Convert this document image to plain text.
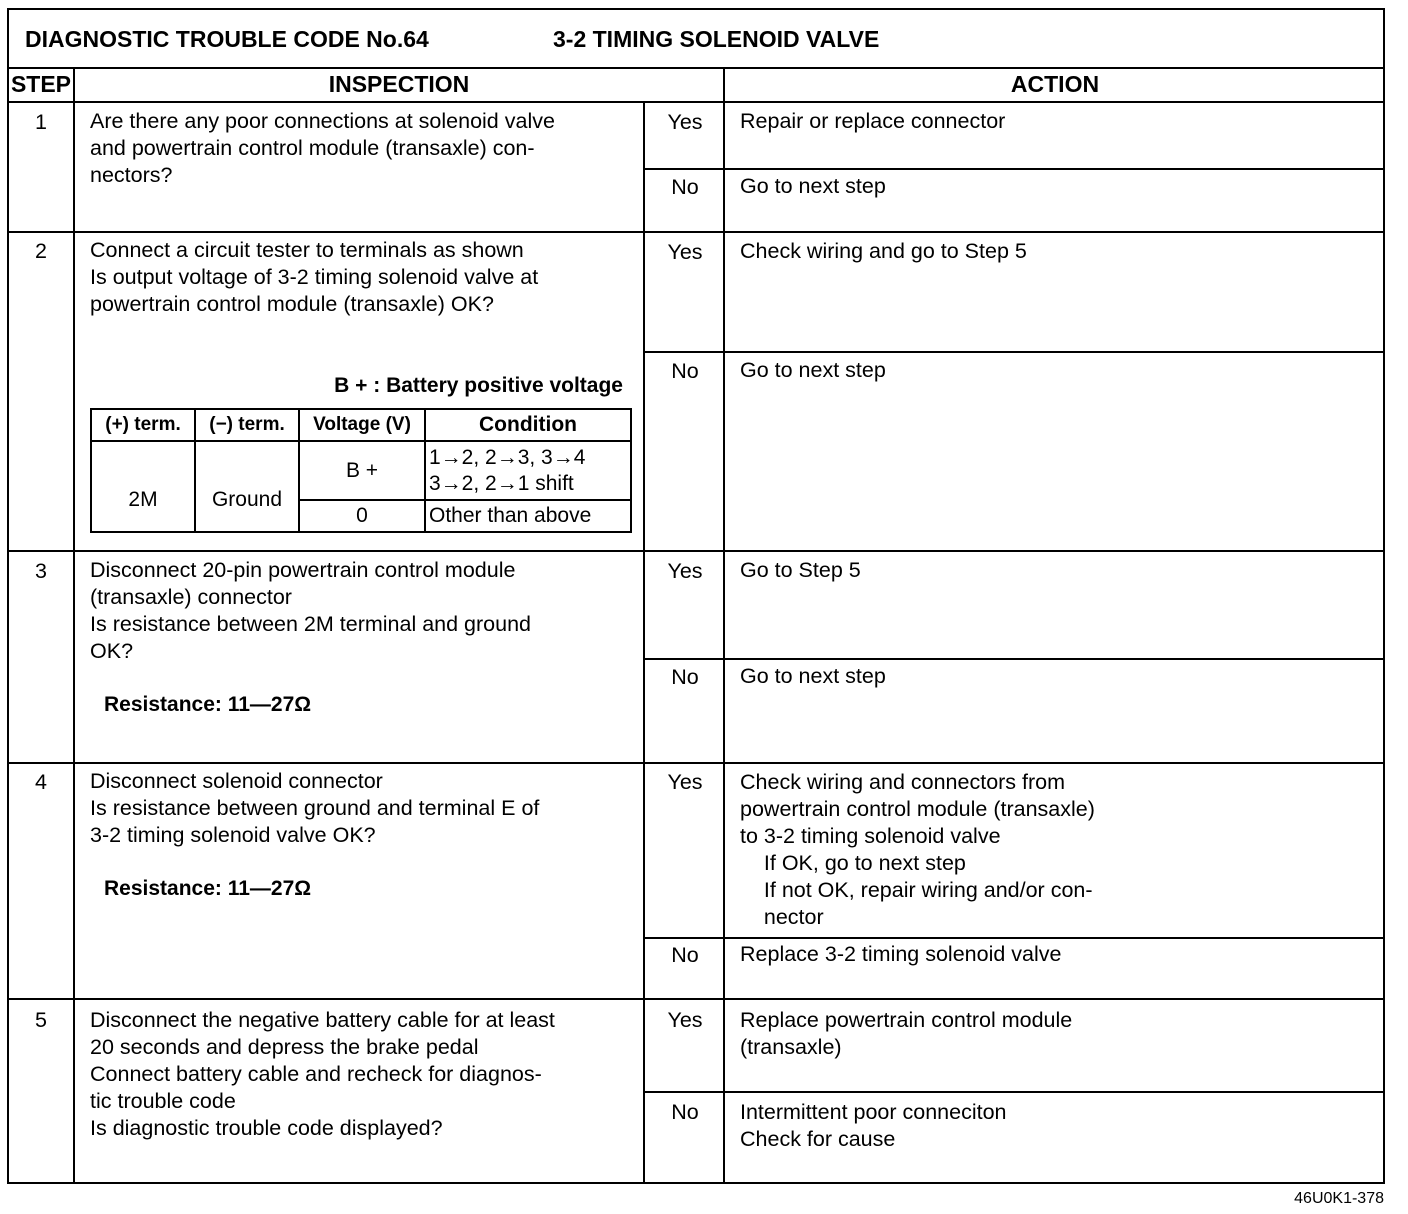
DIAGNOSTIC TROUBLE CODE No.64	3-2 TIMING SOLENOID VALVE
STEP	INSPECTION	ACTION
1	Are there any poor connections at solenoid valve
and powertrain control module (transaxle) con-
nectors?
Yes	Repair or replace connector
No	Go to next step
2	Connect a circuit tester to terminals as shown
Is output voltage of 3-2 timing solenoid valve at
powertrain control module (transaxle) OK?
B + : Battery positive voltage
(+) term.	(−) term.	Voltage (V)	Condition
2M	Ground	B +	1→2, 2→3, 3→4
3→2, 2→1 shift
		0	Other than above
Yes	Check wiring and go to Step 5
No	Go to next step
3	Disconnect 20-pin powertrain control module
(transaxle) connector
Is resistance between 2M terminal and ground
OK?
Resistance: 11—27Ω
Yes	Go to Step 5
No	Go to next step
4	Disconnect solenoid connector
Is resistance between ground and terminal E of
3-2 timing solenoid valve OK?
Resistance: 11—27Ω
Yes	Check wiring and connectors from
powertrain control module (transaxle)
to 3-2 timing solenoid valve
If OK, go to next step
If not OK, repair wiring and/or con-
nector
No	Replace 3-2 timing solenoid valve
5	Disconnect the negative battery cable for at least
20 seconds and depress the brake pedal
Connect battery cable and recheck for diagnos-
tic trouble code
Is diagnostic trouble code displayed?
Yes	Replace powertrain control module
(transaxle)
No	Intermittent poor conneciton
Check for cause
46U0K1-378
